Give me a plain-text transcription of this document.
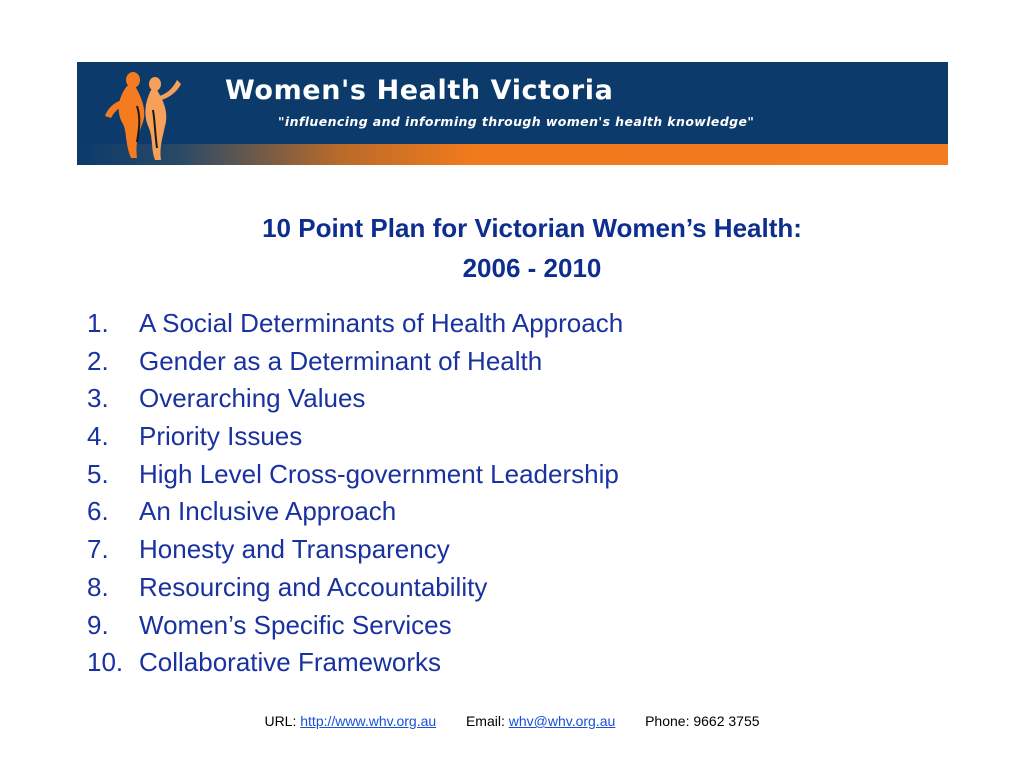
Women's Health Victoria
"influencing and informing through women's health knowledge"
10 Point Plan for Victorian Women’s Health:
2006 - 2010
1. A Social Determinants of Health Approach
2. Gender as a Determinant of Health
3. Overarching Values
4. Priority Issues
5. High Level Cross-government Leadership
6. An Inclusive Approach
7. Honesty and Transparency
8. Resourcing and Accountability
9. Women’s Specific Services
10. Collaborative Frameworks
URL: http://www.whv.org.au Email: whv@whv.org.au Phone: 9662 3755
